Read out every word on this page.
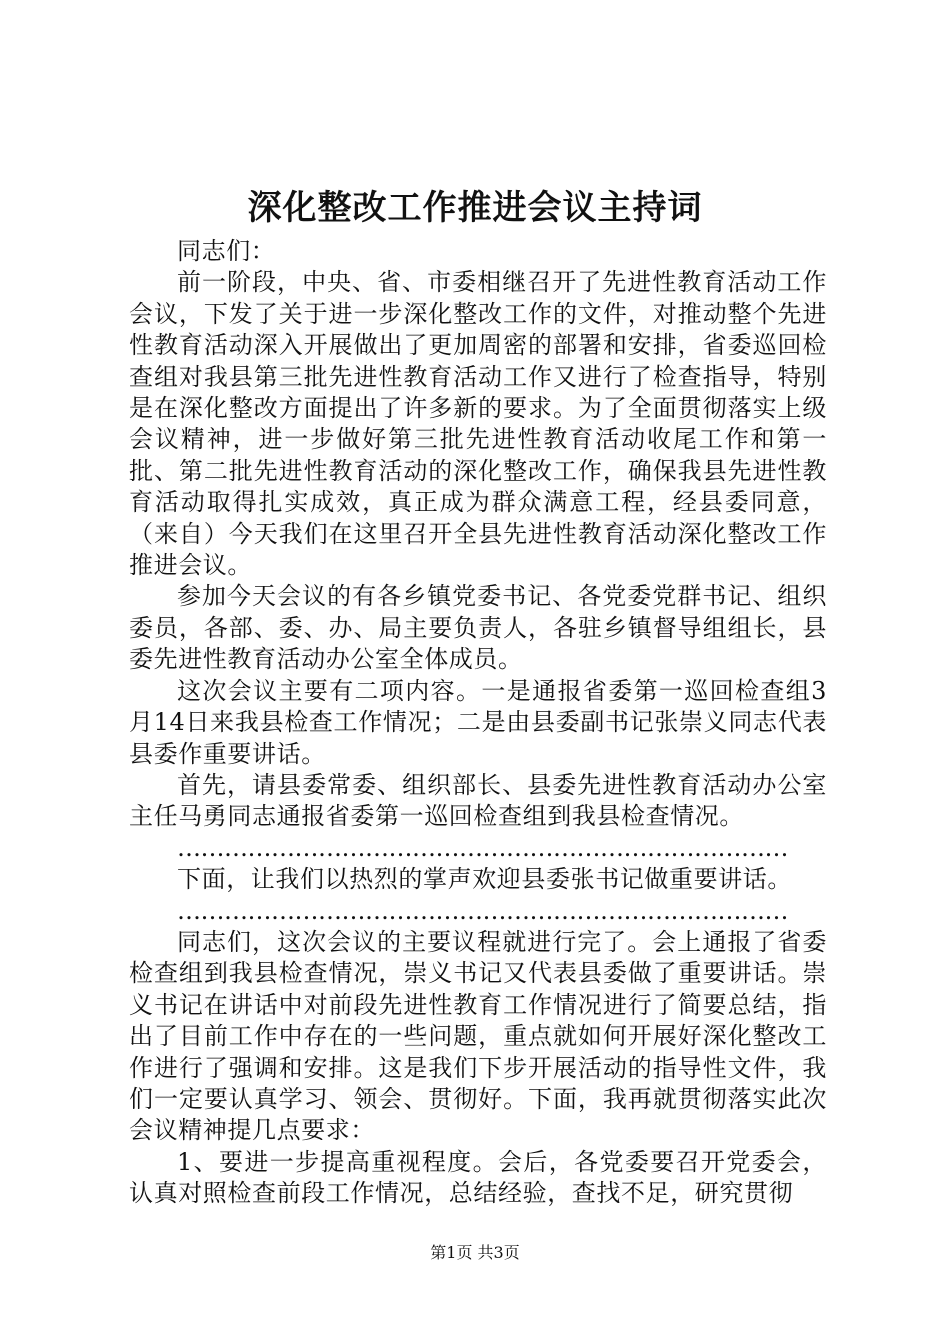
深化整改工作推进会议主持词

同志们：

前一阶段，中央、省、市委相继召开了先进性教育活动工作会议，下发了关于进一步深化整改工作的文件，对推动整个先进性教育活动深入开展做出了更加周密的部署和安排，省委巡回检查组对我县第三批先进性教育活动工作又进行了检查指导，特别是在深化整改方面提出了许多新的要求。为了全面贯彻落实上级会议精神，进一步做好第三批先进性教育活动收尾工作和第一批、第二批先进性教育活动的深化整改工作，确保我县先进性教育活动取得扎实成效，真正成为群众满意工程，经县委同意，（来自）今天我们在这里召开全县先进性教育活动深化整改工作推进会议。

参加今天会议的有各乡镇党委书记、各党委党群书记、组织委员，各部、委、办、局主要负责人，各驻乡镇督导组组长，县委先进性教育活动办公室全体成员。

这次会议主要有二项内容。一是通报省委第一巡回检查组3月14日来我县检查工作情况；二是由县委副书记张崇义同志代表县委作重要讲话。

首先，请县委常委、组织部长、县委先进性教育活动办公室主任马勇同志通报省委第一巡回检查组到我县检查情况。

……………………………………………………………………

下面，让我们以热烈的掌声欢迎县委张书记做重要讲话。

……………………………………………………………………

同志们，这次会议的主要议程就进行完了。会上通报了省委检查组到我县检查情况，崇义书记又代表县委做了重要讲话。崇义书记在讲话中对前段先进性教育工作情况进行了简要总结，指出了目前工作中存在的一些问题，重点就如何开展好深化整改工作进行了强调和安排。这是我们下步开展活动的指导性文件，我们一定要认真学习、领会、贯彻好。下面，我再就贯彻落实此次会议精神提几点要求：

1、要进一步提高重视程度。会后，各党委要召开党委会，认真对照检查前段工作情况，总结经验，查找不足，研究贯彻

第1页 共3页
